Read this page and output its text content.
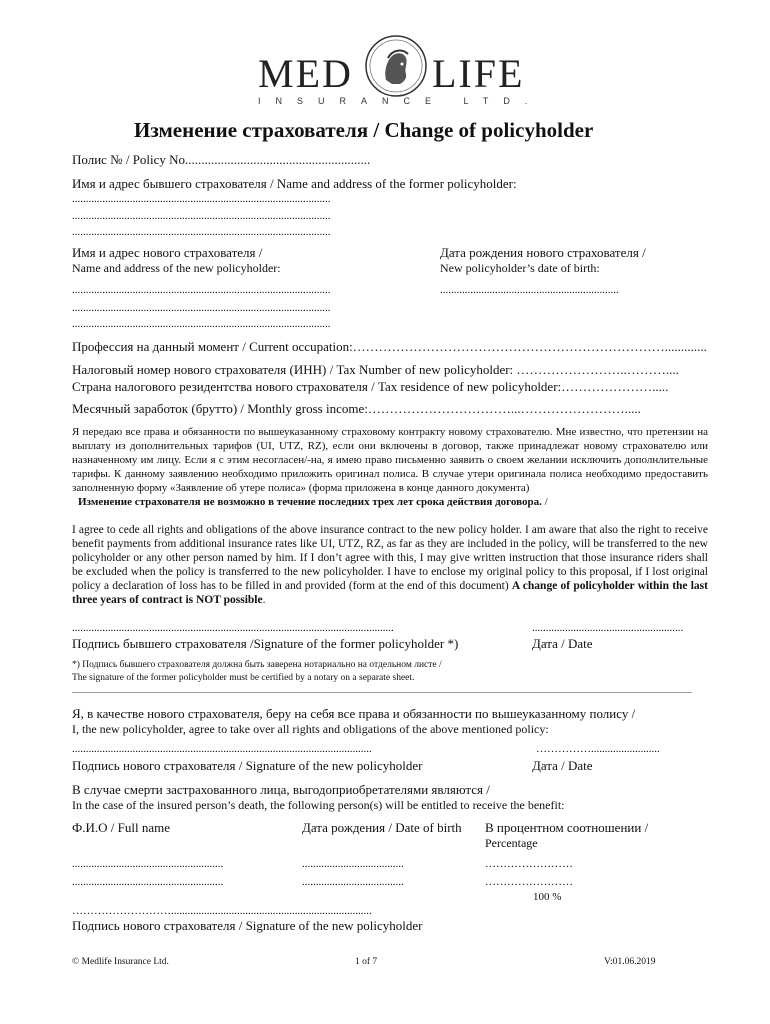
MED LIFE
INSURANCE LTD.
Изменение страхователя / Change of policyholder
Полис № / Policy No.........................................................
Имя и адрес бывшего страхователя / Name and address of the former policyholder:
..............................................................................................
..............................................................................................
..............................................................................................
Имя и адрес нового страхователя /
Name and address of the new policyholder:
Дата рождения нового страхователя /
New policyholder’s date of birth:
..............................................................................................	.................................................................
..............................................................................................
..............................................................................................
Профессия на данный момент / Current occupation:……………………………………………………………….............
Налоговый номер нового страхователя (ИНН) / Tax Number of new policyholder: ……………………..………....
Страна налогового резидентства нового страхователя / Tax residence of new policyholder:………………….....
Месячный заработок (брутто) / Monthly gross income:……………………………...…………………….....

Я передаю все права и обязанности по вышеуказанному страховому контракту новому страхователю. Мне известно, что претензии на выплату из дополнительных тарифов (UI, UTZ, RZ), если они включены в договор, также принадлежат новому страхователю или назначенному им лицу. Если я с этим несогласен/-на, я имею право письменно заявить о своем желании исключить дополнлительные тарифы. К данному заявлению необходимо приложить оригинал полиса. В случае утери оригинала полиса необходимо предоставить заполненную форму «Заявление об утере полиса» (форма приложена в конце данного документа)

Изменение страхователя не возможно в течение последних трех лет срока действия договора. /

I agree to cede all rights and obligations of the above insurance contract to the new policy holder. I am aware that also the right to receive benefit payments from additional insurance rates like UI, UTZ, RZ, as far as they are included in the policy, will be transferred to the new policyholder or any other person named by him. If I don’t agree with this, I may give written instruction that those insurance riders shall be excluded when the policy is transferred to the new policyholder. I have to enclose my original policy to this proposal, if I lost original policy a declaration of loss has to be filled in and provided (form at the end of this document) A change of policyholder within the last three years of contract is NOT possible.

.....................................................................................................................	.......................................................
Подпись бывшего страхователя /Signature of the former policyholder *)	Дата / Date
*) Подпись бывшего страхователя должна быть заверена нотариально на отдельном листе /
The signature of the former policyholder must be certified by a notary on a separate sheet.
Я, в качестве нового страхователя, беру на себя все права и обязанности по вышеуказанному полису /
I, the new policyholder, agree to take over all rights and obligations of the above mentioned policy:
.............................................................................................................	…………….........................
Подпись нового страхователя / Signature of the new policyholder	Дата / Date
В случае смерти застрахованного лица, выгодоприобретателями являются /
In the case of the insured person’s death, the following person(s) will be entitled to receive the benefit:
Ф.И.О / Full name	Дата рождения / Date of birth В процентном соотношении /
Percentage
.......................................................	.....................................	……………………
.......................................................	.....................................	……………………
100 %
……………………….........................................................................
Подпись нового страхователя / Signature of the new policyholder
© Medlife Insurance Ltd.	1 of 7	V:01.06.2019
